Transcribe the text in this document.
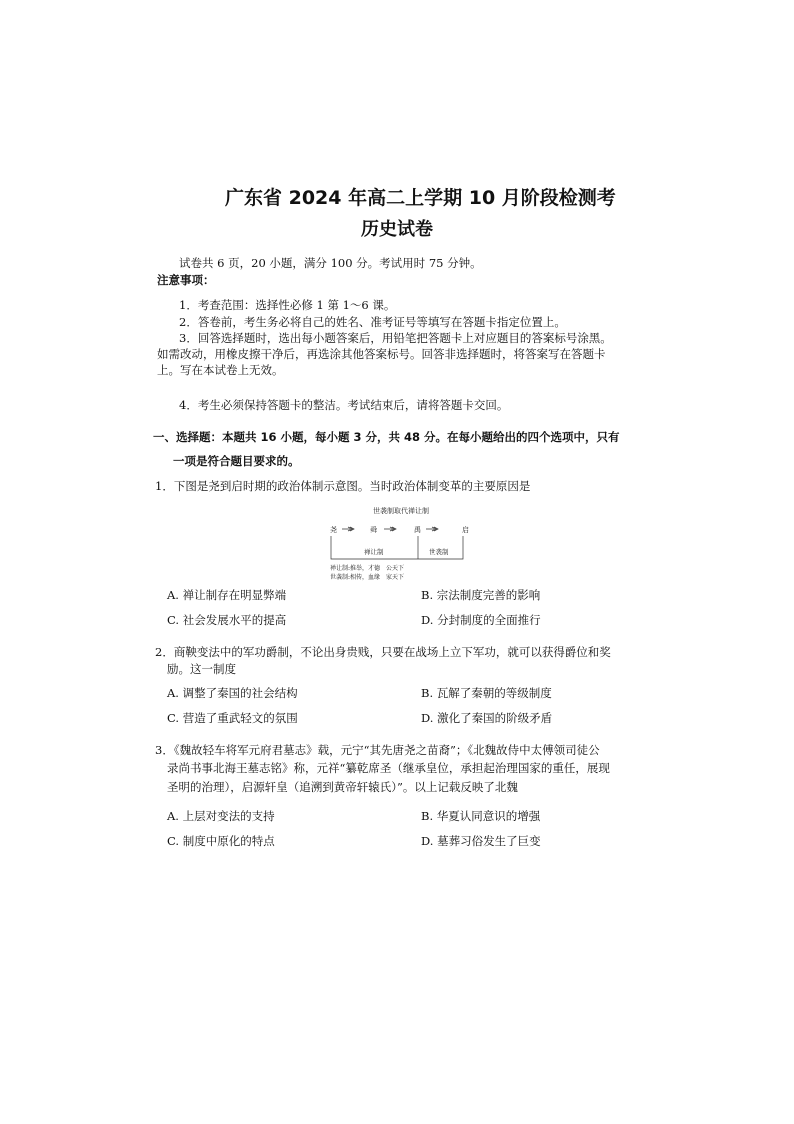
广东省 2024 年高二上学期 10 月阶段检测考
历史试卷
试卷共 6 页，20 小题，满分 100 分。考试用时 75 分钟。
注意事项：
1．考查范围：选择性必修 1 第 1～6 课。
2．答卷前，考生务必将自己的姓名、准考证号等填写在答题卡指定位置上。
3．回答选择题时，选出每小题答案后，用铅笔把答题卡上对应题目的答案标号涂黑。
如需改动，用橡皮擦干净后，再选涂其他答案标号。回答非选择题时，将答案写在答题卡
上。写在本试卷上无效。
4．考生必须保持答题卡的整洁。考试结束后，请将答题卡交回。
一、选择题：本题共 16 小题，每小题 3 分，共 48 分。在每小题给出的四个选项中，只有
一项是符合题目要求的。
1．下图是尧到启时期的政治体制示意图。当时政治体制变革的主要原因是
世袭制取代禅让制
尧	舜	禹	启
禅让制	世袭制
禅让制:推举，才德　公天下
世袭制:相传，血缘　家天下
A. 禅让制存在明显弊端	B. 宗法制度完善的影响
C. 社会发展水平的提高	D. 分封制度的全面推行
2．商鞅变法中的军功爵制，不论出身贵贱，只要在战场上立下军功，就可以获得爵位和奖
励。这一制度
A. 调整了秦国的社会结构	B. 瓦解了秦朝的等级制度
C. 营造了重武轻文的氛围	D. 激化了秦国的阶级矛盾
3．《魏故轻车将军元府君墓志》载，元宁“其先唐尧之苗裔”；《北魏故侍中太傅领司徒公
录尚书事北海王墓志铭》称，元祥“纂乾席圣（继承皇位，承担起治理国家的重任，展现
圣明的治理），启源轩皇（追溯到黄帝轩辕氏）”。以上记载反映了北魏
A. 上层对变法的支持	B. 华夏认同意识的增强
C. 制度中原化的特点	D. 墓葬习俗发生了巨变
